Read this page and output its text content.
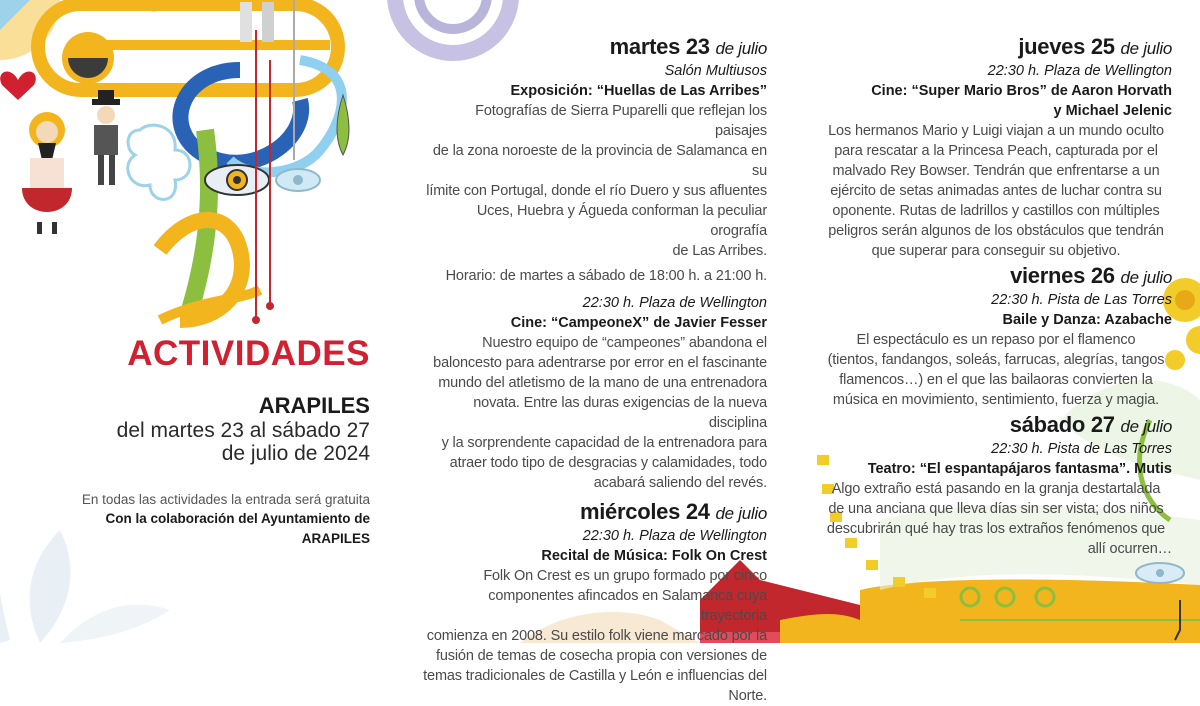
ACTIVIDADES
ARAPILES
del martes 23 al sábado 27
de julio de 2024
En todas las actividades la entrada será gratuita
Con la colaboración del Ayuntamiento de
ARAPILES
martes 23 de julio
Salón Multiusos
Exposición: “Huellas de Las Arribes”
Fotografías de Sierra Puparelli que reflejan los paisajes
de la zona noroeste de la provincia de Salamanca en su
límite con Portugal, donde el río Duero y sus afluentes
Uces, Huebra y Águeda conforman la peculiar orografía
de Las Arribes.
Horario: de martes a sábado de 18:00 h. a 21:00 h.
22:30 h. Plaza de Wellington
Cine: “CampeoneX” de Javier Fesser
Nuestro equipo de “campeones” abandona el
baloncesto para adentrarse por error en el fascinante
mundo del atletismo de la mano de una entrenadora
novata. Entre las duras exigencias de la nueva disciplina
y la sorprendente capacidad de la entrenadora para
atraer todo tipo de desgracias y calamidades, todo
acabará saliendo del revés.
miércoles 24 de julio
22:30 h. Plaza de Wellington
Recital de Música: Folk On Crest
Folk On Crest es un grupo formado por cinco
componentes afincados en Salamanca cuya trayectoria
comienza en 2008. Su estilo folk viene marcado por la
fusión de temas de cosecha propia con versiones de
temas tradicionales de Castilla y León e influencias del
Norte.
jueves 25 de julio
22:30 h. Plaza de Wellington
Cine: “Super Mario Bros” de Aaron Horvath
y Michael Jelenic
Los hermanos Mario y Luigi viajan a un mundo oculto
para rescatar a la Princesa Peach, capturada por el
malvado Rey Bowser. Tendrán que enfrentarse a un
ejército de setas animadas antes de luchar contra su
oponente. Rutas de ladrillos y castillos con múltiples
peligros serán algunos de los obstáculos que tendrán
que superar para conseguir su objetivo.
viernes 26 de julio
22:30 h. Pista de Las Torres
Baile y Danza: Azabache
El espectáculo es un repaso por el flamenco
(tientos, fandangos, soleás, farrucas, alegrías, tangos
flamencos…) en el que las bailaoras convierten la
música en movimiento, sentimiento, fuerza y magia.
sábado 27 de julio
22:30 h. Pista de Las Torres
Teatro: “El espantapájaros fantasma”. Mutis
Algo extraño está pasando en la granja destartalada
de una anciana que lleva días sin ser vista; dos niños
descubrirán qué hay tras los extraños fenómenos que
allí ocurren…
